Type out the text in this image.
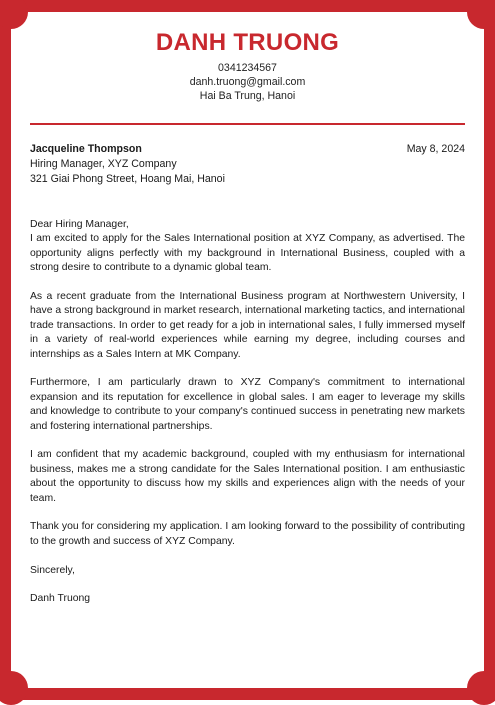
DANH TRUONG
0341234567
danh.truong@gmail.com
Hai Ba Trung, Hanoi
Jacqueline Thompson	May 8, 2024
Hiring Manager, XYZ Company
321 Giai Phong Street, Hoang Mai, Hanoi

Dear Hiring Manager,

I am excited to apply for the Sales International position at XYZ Company, as advertised. The opportunity aligns perfectly with my background in International Business, coupled with a strong desire to contribute to a dynamic global team.

As a recent graduate from the International Business program at Northwestern University, I have a strong background in market research, international marketing tactics, and international trade transactions. In order to get ready for a job in international sales, I fully immersed myself in a variety of real-world experiences while earning my degree, including courses and internships as a Sales Intern at MK Company.

Furthermore, I am particularly drawn to XYZ Company's commitment to international expansion and its reputation for excellence in global sales. I am eager to leverage my skills and knowledge to contribute to your company's continued success in penetrating new markets and fostering international partnerships.

I am confident that my academic background, coupled with my enthusiasm for international business, makes me a strong candidate for the Sales International position. I am enthusiastic about the opportunity to discuss how my skills and experiences align with the needs of your team.

Thank you for considering my application. I am looking forward to the possibility of contributing to the growth and success of XYZ Company.

Sincerely,

Danh Truong
